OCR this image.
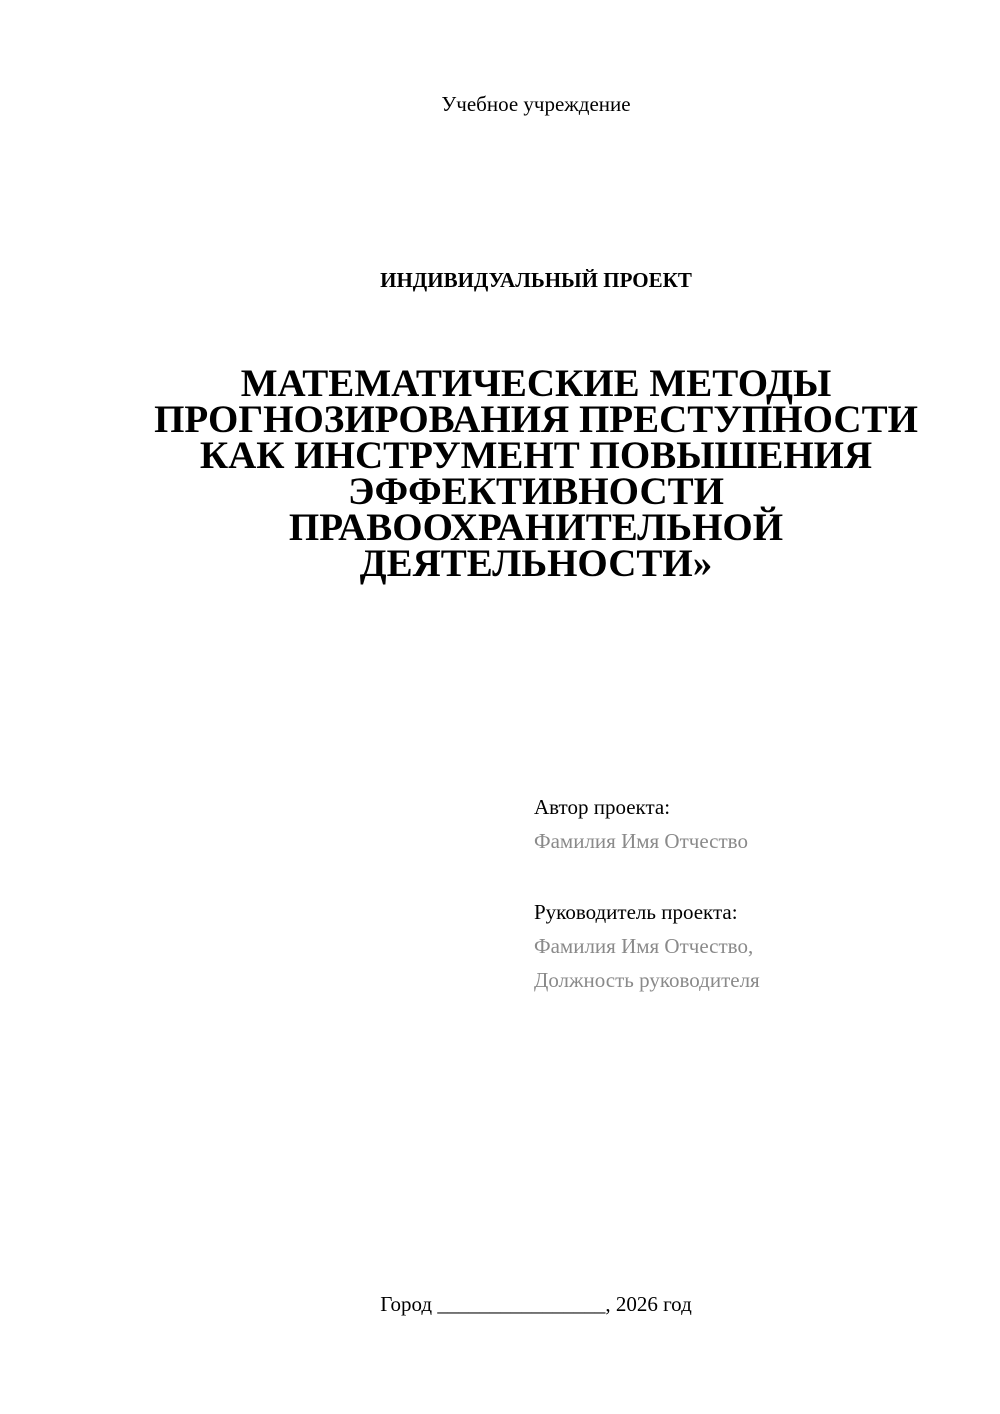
Учебное учреждение
ИНДИВИДУАЛЬНЫЙ ПРОЕКТ
МАТЕМАТИЧЕСКИЕ МЕТОДЫ
ПРОГНОЗИРОВАНИЯ ПРЕСТУПНОСТИ
КАК ИНСТРУМЕНТ ПОВЫШЕНИЯ
ЭФФЕКТИВНОСТИ
ПРАВООХРАНИТЕЛЬНОЙ
ДЕЯТЕЛЬНОСТИ»
Автор проекта:
Фамилия Имя Отчество
Руководитель проекта:
Фамилия Имя Отчество,
Должность руководителя
Город ________________, 2026 год
